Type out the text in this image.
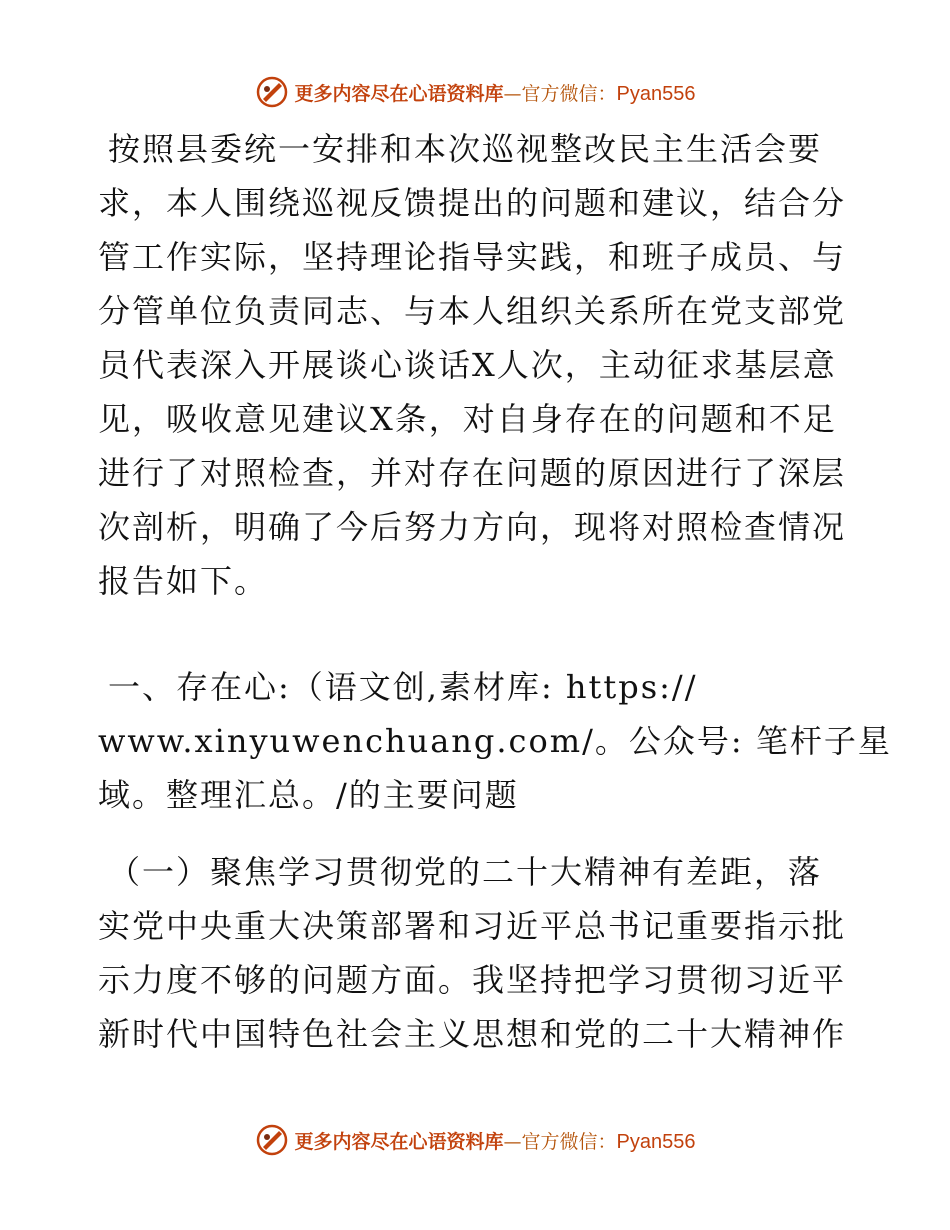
更多内容尽在心语资料库—官方微信：Pyan556
按照县委统一安排和本次巡视整改民主生活会要
求，本人围绕巡视反馈提出的问题和建议，结合分
管工作实际，坚持理论指导实践，和班子成员、与
分管单位负责同志、与本人组织关系所在党支部党
员代表深入开展谈心谈话X人次，主动征求基层意
见，吸收意见建议X条，对自身存在的问题和不足
进行了对照检查，并对存在问题的原因进行了深层
次剖析，明确了今后努力方向，现将对照检查情况
报告如下。
一、存在心:（语文创,素材库: https://
www.xinyuwenchuang.com/。公众号: 笔杆子星
域。整理汇总。/的主要问题
（一）聚焦学习贯彻党的二十大精神有差距，落
实党中央重大决策部署和习近平总书记重要指示批
示力度不够的问题方面。我坚持把学习贯彻习近平
新时代中国特色社会主义思想和党的二十大精神作
更多内容尽在心语资料库—官方微信：Pyan556
